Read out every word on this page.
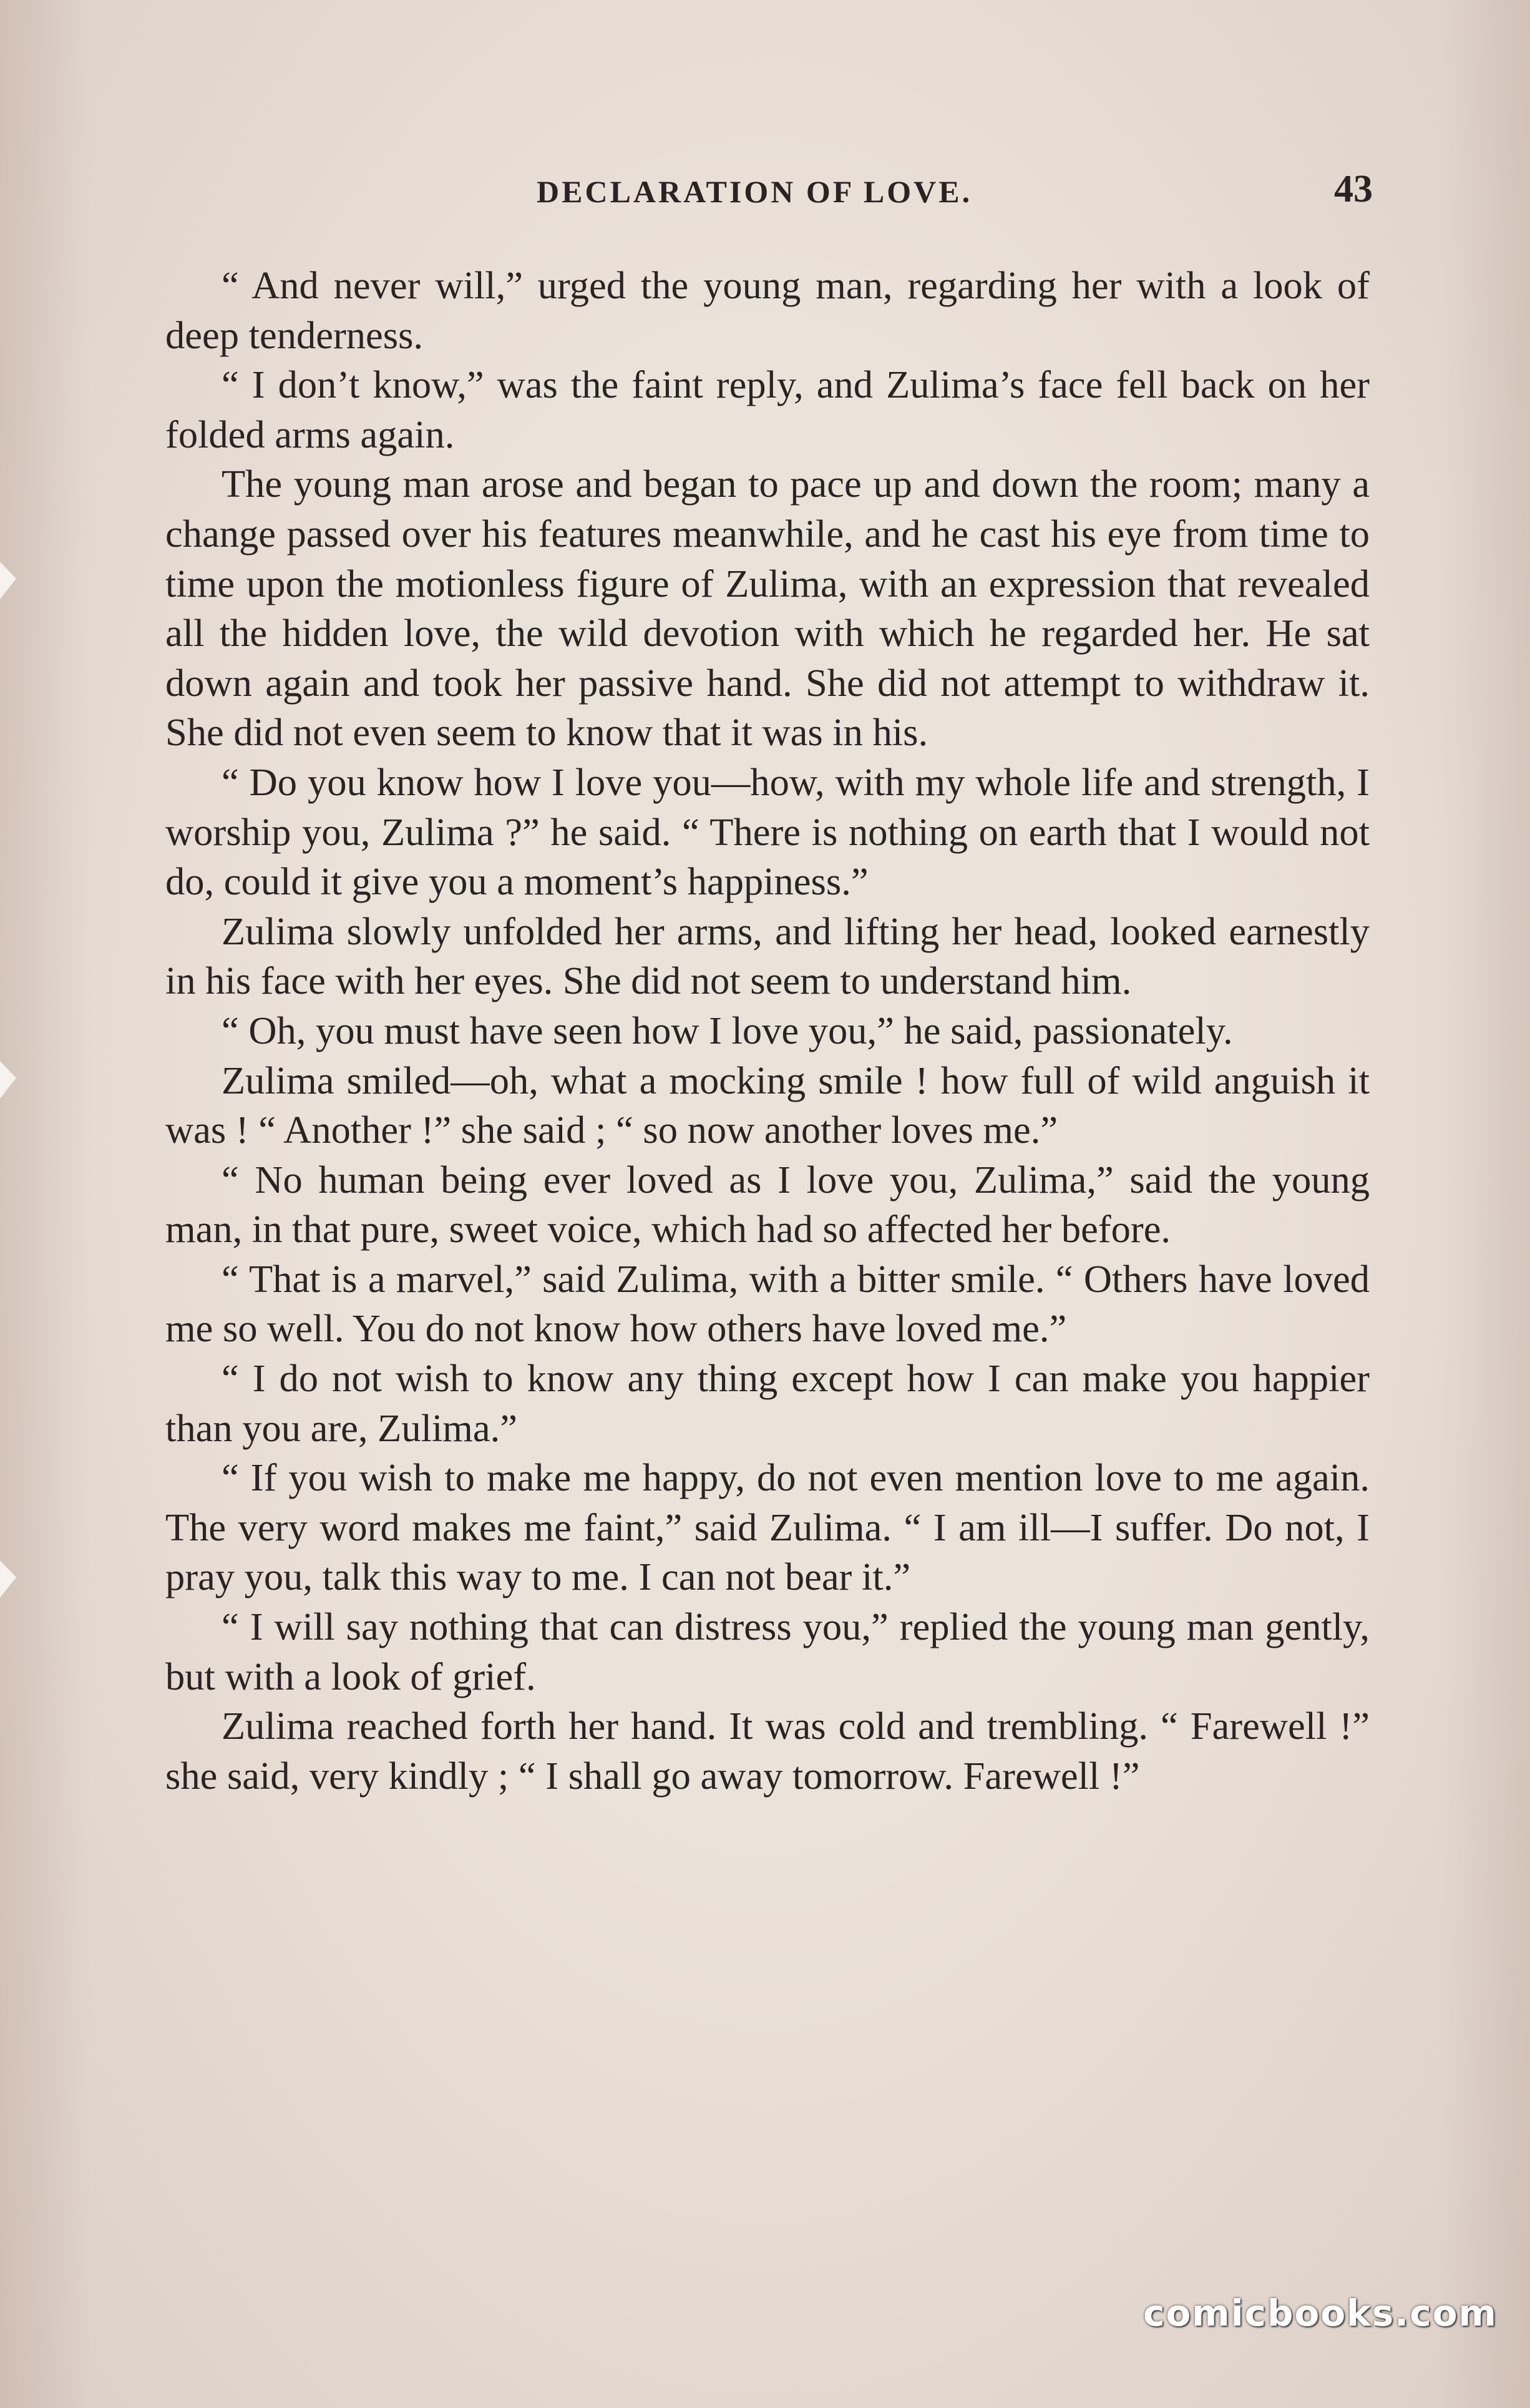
DECLARATION OF LOVE.	43

“ And never will,” urged the young man, regarding her with a look of deep tenderness.

“ I don’t know,” was the faint reply, and Zulima’s face fell back on her folded arms again.

The young man arose and began to pace up and down the room; many a change passed over his features meanwhile, and he cast his eye from time to time upon the motionless figure of Zulima, with an expression that revealed all the hidden love, the wild devotion with which he regarded her. He sat down again and took her passive hand. She did not attempt to withdraw it. She did not even seem to know that it was in his.

“ Do you know how I love you—how, with my whole life and strength, I worship you, Zulima ?” he said. “ There is nothing on earth that I would not do, could it give you a moment’s happiness.”

Zulima slowly unfolded her arms, and lifting her head, looked earnestly in his face with her eyes. She did not seem to understand him.

“ Oh, you must have seen how I love you,” he said, passionately.

Zulima smiled—oh, what a mocking smile ! how full of wild anguish it was ! “ Another !” she said ; “ so now another loves me.”

“ No human being ever loved as I love you, Zulima,” said the young man, in that pure, sweet voice, which had so affected her before.

“ That is a marvel,” said Zulima, with a bitter smile. “ Others have loved me so well. You do not know how others have loved me.”

“ I do not wish to know any thing except how I can make you happier than you are, Zulima.”

“ If you wish to make me happy, do not even mention love to me again. The very word makes me faint,” said Zulima. “ I am ill—I suffer. Do not, I pray you, talk this way to me. I can not bear it.”

“ I will say nothing that can distress you,” replied the young man gently, but with a look of grief.

Zulima reached forth her hand. It was cold and trembling. “ Farewell !” she said, very kindly ; “ I shall go away tomorrow. Farewell !”

comicbooks.com
